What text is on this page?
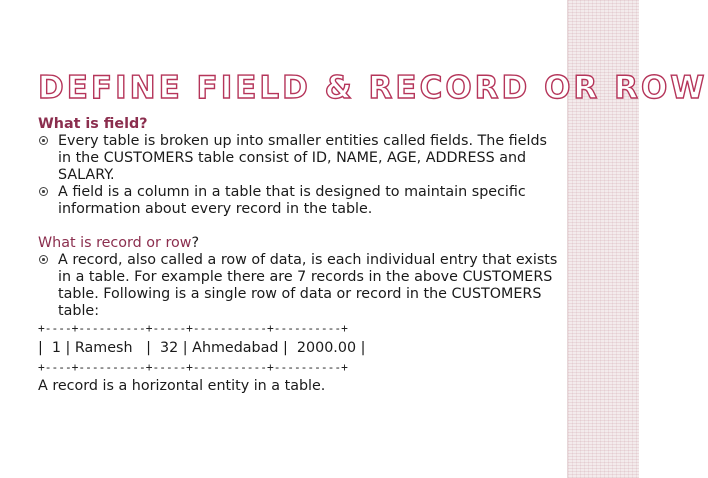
DEFINE FIELD & RECORD OR ROW

What is field?

Every table is broken up into smaller entities called fields. The fields in the CUSTOMERS table consist of ID, NAME, AGE, ADDRESS and SALARY.

A field is a column in a table that is designed to maintain specific information about every record in the table.

What is record or row?

A record, also called a row of data, is each individual entry that exists in a table. For example there are 7 records in the above CUSTOMERS table. Following is a single row of data or record in the CUSTOMERS table:

+----+----------+-----+-----------+----------+

|  1 | Ramesh   |  32 | Ahmedabad |  2000.00 |

+----+----------+-----+-----------+----------+

A record is a horizontal entity in a table.
